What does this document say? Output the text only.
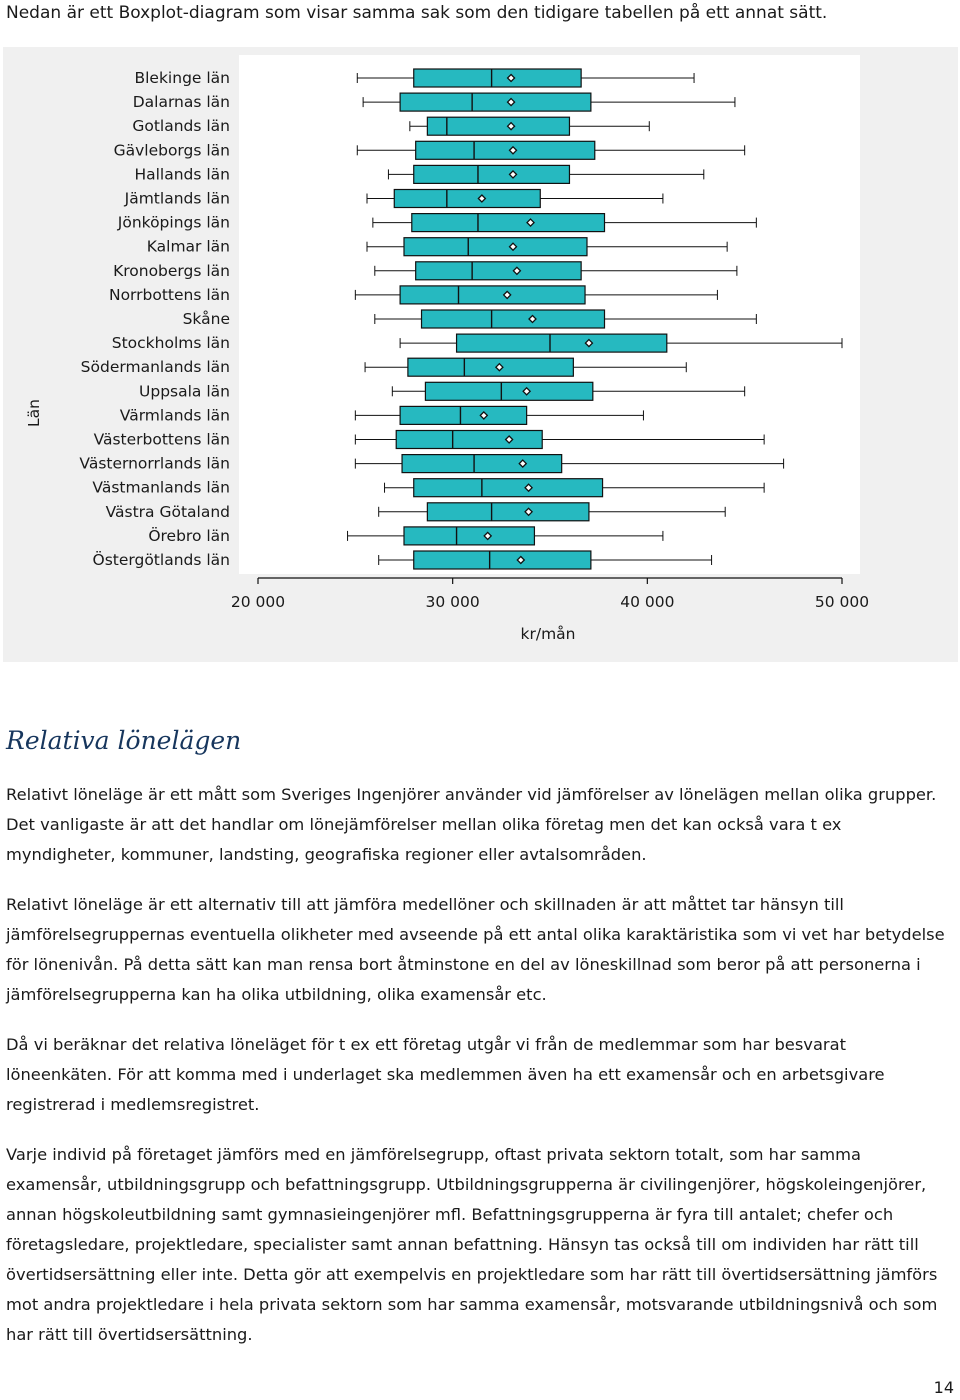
Nedan är ett Boxplot-diagram som visar samma sak som den tidigare tabellen på ett annat sätt.

Blekinge län
Dalarnas län
Gotlands län
Gävleborgs län
Hallands län
Jämtlands län
Jönköpings län
Kalmar län
Kronobergs län
Norrbottens län
Skåne
Stockholms län
Södermanlands län
Uppsala län
Värmlands län
Västerbottens län
Västernorrlands län
Västmanlands län
Västra Götaland
Örebro län
Östergötlands län
20 000	30 000	40 000	50 000
kr/mån
Län
Relativa lönelägen

Relativt löneläge är ett mått som Sveriges Ingenjörer använder vid jämförelser av lönelägen mellan olika grupper. Det vanligaste är att det handlar om lönejämförelser mellan olika företag men det kan också vara t ex myndigheter, kommuner, landsting, geografiska regioner eller avtalsområden.

Relativt löneläge är ett alternativ till att jämföra medellöner och skillnaden är att måttet tar hänsyn till jämförelsegruppernas eventuella olikheter med avseende på ett antal olika karaktäristika som vi vet har betydelse för lönenivån. På detta sätt kan man rensa bort åtminstone en del av löneskillnad som beror på att personerna i jämförelsegrupperna kan ha olika utbildning, olika examensår etc.

Då vi beräknar det relativa löneläget för t ex ett företag utgår vi från de medlemmar som har besvarat löneenkäten. För att komma med i underlaget ska medlemmen även ha ett examensår och en arbetsgivare registrerad i medlemsregistret.

Varje individ på företaget jämförs med en jämförelsegrupp, oftast privata sektorn totalt, som har samma examensår, utbildningsgrupp och befattningsgrupp. Utbildningsgrupperna är civilingenjörer, högskoleingenjörer, annan högskoleutbildning samt gymnasieingenjörer mfl. Befattningsgrupperna är fyra till antalet; chefer och företagsledare, projektledare, specialister samt annan befattning. Hänsyn tas också till om individen har rätt till övertidsersättning eller inte. Detta gör att exempelvis en projektledare som har rätt till övertidsersättning jämförs mot andra projektledare i hela privata sektorn som har samma examensår, motsvarande utbildningsnivå och som har rätt till övertidsersättning.

14
